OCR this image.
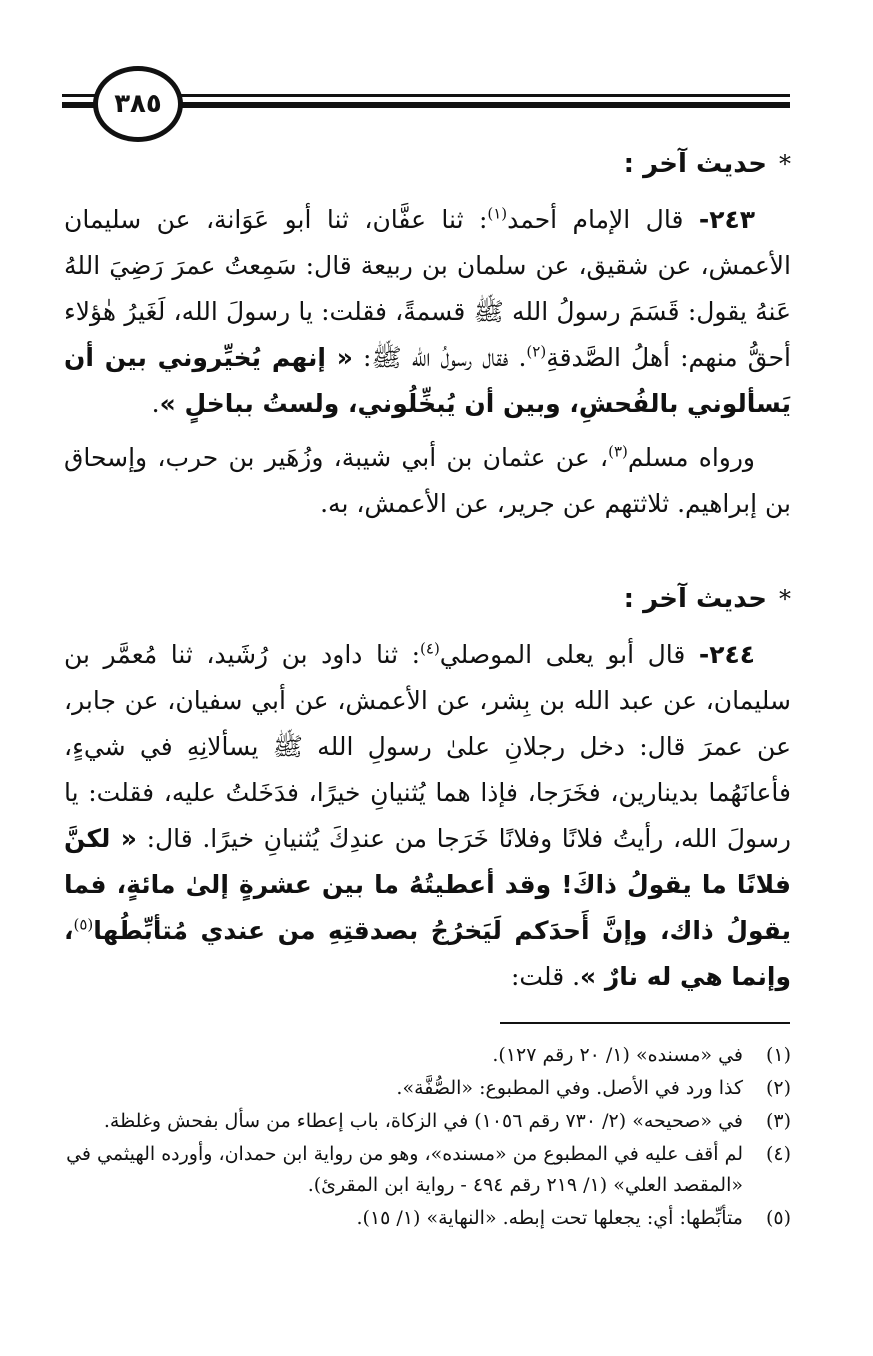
٣٨٥

*حديث آخر :

٢٤٣- قال الإمام أحمد$^{(١)}$: ثنا عفَّان، ثنا أبو عَوَانة، عن سليمان الأعمش، عن شقيق، عن سلمان بن ربيعة قال: سَمِعتُ عمرَ رَضِيَ اللهُ عَنهُ يقول: قَسَمَ رسولُ الله ﷺ قسمةً، فقلت: يا رسولَ الله، لَغَيرُ هٰؤلاء أحقُّ منهم: أهلُ الصَّدقةِ$^{(٢)}$. فقال رسولُ الله ﷺ: « إنهم يُخيِّروني بين أن يَسألوني بالفُحشِ، وبين أن يُبخِّلُوني، ولستُ بباخلٍ ».

ورواه مسلم$^{(٣)}$، عن عثمان بن أبي شيبة، وزُهَير بن حرب، وإسحاق بن إبراهيم. ثلاثتهم عن جرير، عن الأعمش، به.

*حديث آخر :

٢٤٤- قال أبو يعلى الموصلي$^{(٤)}$: ثنا داود بن رُشَيد، ثنا مُعمَّر بن سليمان، عن عبد الله بن بِشر، عن الأعمش، عن أبي سفيان، عن جابر، عن عمرَ قال: دخل رجلانِ علىٰ رسولِ الله ﷺ يسألانِهِ في شيءٍ، فأعانَهُما بدينارين، فخَرَجا، فإذا هما يُثنيانِ خيرًا، فدَخَلتُ عليه، فقلت: يا رسولَ الله، رأيتُ فلانًا وفلانًا خَرَجا من عندِكَ يُثنيانِ خيرًا. قال: « لكنَّ فلانًا ما يقولُ ذاكَ! وقد أعطيتُهُ ما بين عشرةٍ إلىٰ مائةٍ، فما يقولُ ذاك، وإنَّ أَحدَكم لَيَخرُجُ بصدقتِهِ من عندي مُتأبِّطُها$^{(٥)}$، وإنما هي له نارٌ ». قلت:

(١)
في «مسنده» (١/ ٢٠ رقم ١٢٧).

(٢)
كذا ورد في الأصل. وفي المطبوع: «الصُّفَّة».

(٣)
في «صحيحه» (٢/ ٧٣٠ رقم ١٠٥٦) في الزكاة، باب إعطاء من سأل بفحش وغلظة.

(٤)
لم أقف عليه في المطبوع من «مسنده»، وهو من رواية ابن حمدان، وأورده الهيثمي في «المقصد العلي» (١/ ٢١٩ رقم ٤٩٤ - رواية ابن المقرئ).

(٥)
متأبِّطها: أي: يجعلها تحت إبطه. «النهاية» (١/ ١٥).
